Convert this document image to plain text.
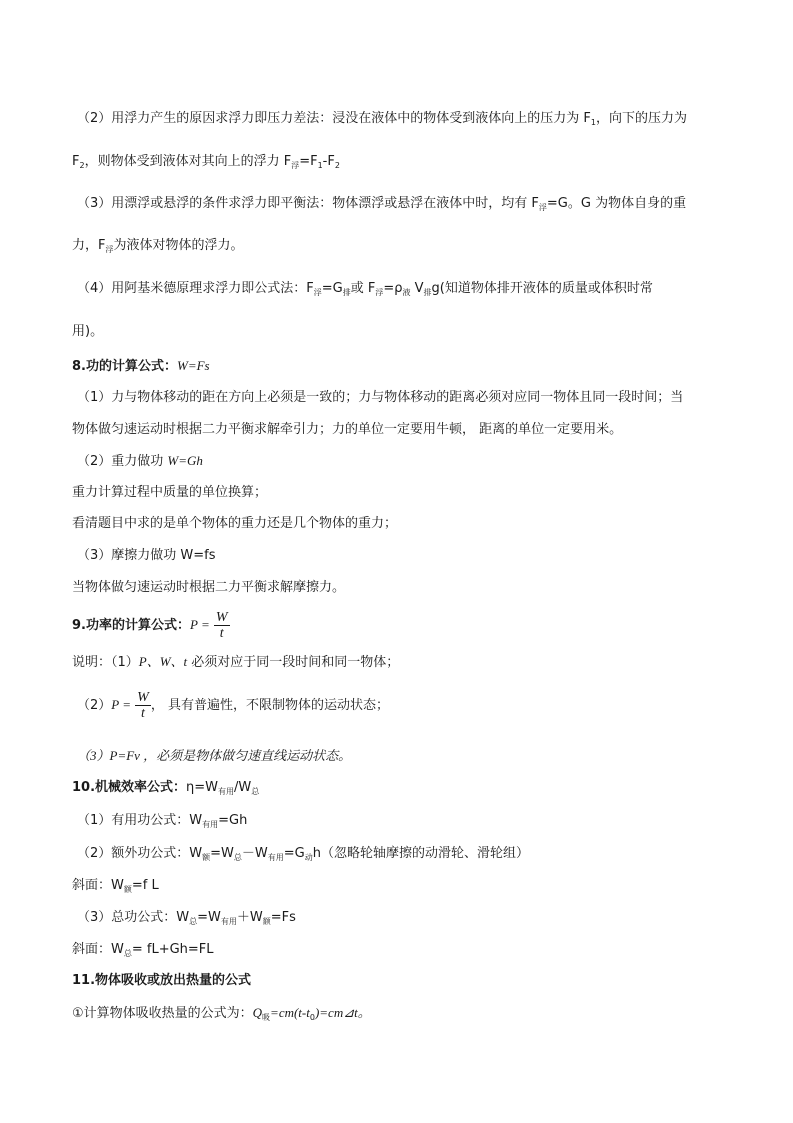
（2）用浮力产生的原因求浮力即压力差法：浸没在液体中的物体受到液体向上的压力为 $F_1$，向下的压力为
$F_2$，则物体受到液体对其向上的浮力 $F_浮=F_1-F_2$
（3）用漂浮或悬浮的条件求浮力即平衡法：物体漂浮或悬浮在液体中时，均有 $F_浮=G$。G 为物体自身的重
力，$F_浮$为液体对物体的浮力。
（4）用阿基米德原理求浮力即公式法：$F_浮=G_排$或 $F_浮=\rho_液$ $V_排g$(知道物体排开液体的质量或体积时常
用)。
8.功的计算公式：W=Fs
（1）力与物体移动的距在方向上必须是一致的；力与物体移动的距离必须对应同一物体且同一段时间；当
物体做匀速运动时根据二力平衡求解牵引力；力的单位一定要用牛顿， 距离的单位一定要用米。
（2）重力做功 W=Gh
重力计算过程中质量的单位换算；
看清题目中求的是单个物体的重力还是几个物体的重力；
（3）摩擦力做功 W=fs
当物体做匀速运动时根据二力平衡求解摩擦力。
9.功率的计算公式：$P = \frac{W}{t}$
说明：（1）P、W、t 必须对应于同一段时间和同一物体；
$(2)P = \frac{W}{t}$ ， 具有普遍性，不限制物体的运动状态；
（3）P=Fv ，必须是物体做匀速直线运动状态。
10.机械效率公式：$\eta=W_{有用}/W_总$
（1）有用功公式：$W_{有用}=Gh$
（2）额外功公式：$W_额=W_总-W_{有用}=G_动h$（忽略轮轴摩擦的动滑轮、滑轮组）
斜面：$W_额=f$ L
（3）总功公式：$W_总=W_{有用}+W_额=Fs$
斜面：$W_总= fL+Gh=FL$
11.物体吸收或放出热量的公式
①计算物体吸收热量的公式为：$Q_吸=cm(t-t_0)=cm⊿t$。
